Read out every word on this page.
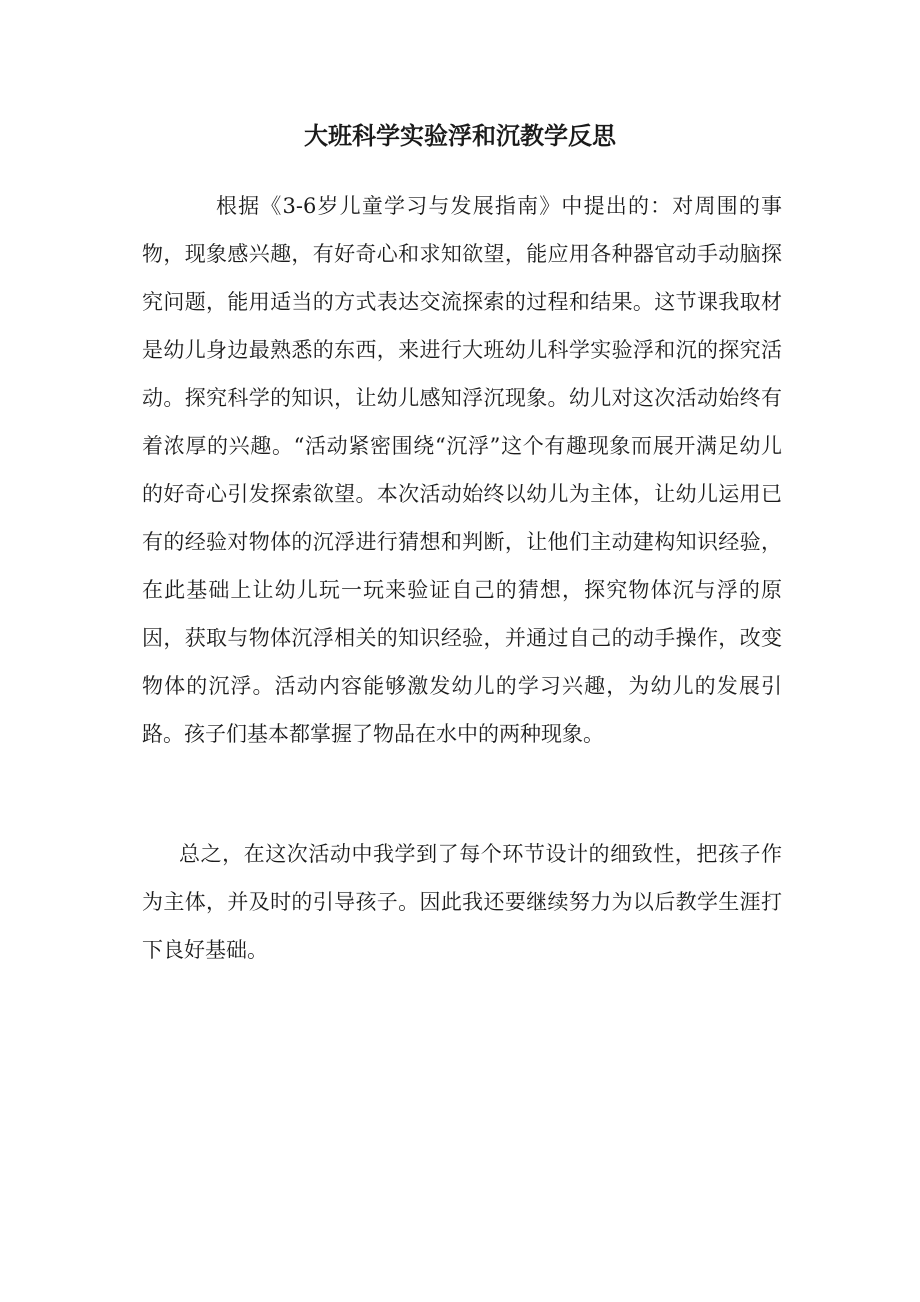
大班科学实验浮和沉教学反思

根据《3-6岁儿童学习与发展指南》中提出的：对周围的事物，现象感兴趣，有好奇心和求知欲望，能应用各种器官动手动脑探究问题，能用适当的方式表达交流探索的过程和结果。这节课我取材是幼儿身边最熟悉的东西，来进行大班幼儿科学实验浮和沉的探究活动。探究科学的知识，让幼儿感知浮沉现象。幼儿对这次活动始终有着浓厚的兴趣。“活动紧密围绕“沉浮”这个有趣现象而展开满足幼儿的好奇心引发探索欲望。本次活动始终以幼儿为主体，让幼儿运用已有的经验对物体的沉浮进行猜想和判断，让他们主动建构知识经验，在此基础上让幼儿玩一玩来验证自己的猜想，探究物体沉与浮的原因，获取与物体沉浮相关的知识经验，并通过自己的动手操作，改变物体的沉浮。活动内容能够激发幼儿的学习兴趣，为幼儿的发展引路。孩子们基本都掌握了物品在水中的两种现象。

总之，在这次活动中我学到了每个环节设计的细致性，把孩子作为主体，并及时的引导孩子。因此我还要继续努力为以后教学生涯打下良好基础。
